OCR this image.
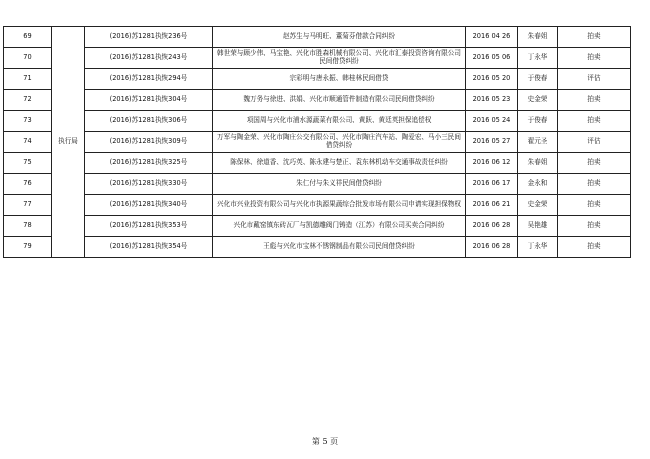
69	执行局	(2016)苏1281执恢236号	赵苏生与马明旺、董菊芬借款合同纠纷	2016 04 26	朱春姐	拍卖
70		(2016)苏1281执恢243号	韩世荣与顾少伟、马宝艳、兴化市胜森机械有限公司、兴化市汇泰投资咨询有限公司民间借贷纠纷	2016 05 06	丁永华	拍卖
71		(2016)苏1281执恢294号	宗彩明与唐永振、韩桂林民间借贷	2016 05 20	于俊春	评估
72		(2016)苏1281执恢304号	魏万务与徐进、洪娟、兴化市顺通管件制造有限公司民间借贷纠纷	2016 05 23	史金荣	拍卖
73		(2016)苏1281执恢306号	项国周与兴化市浦水源蔬菜有限公司、黄跃、黄廷英担保追偿权	2016 05 24	于俊春	拍卖
74		(2016)苏1281执恢309号	万军与陶金荣、兴化市陶庄公交有限公司、兴化市陶庄汽车站、陶爱宏、马小三民间借贷纠纷	2016 05 27	翟元圣	评估
75		(2016)苏1281执恢325号	陈保林、徐道香、沈巧英、陈永建与楚正、袁东林机动车交通事故责任纠纷	2016 06 12	朱春姐	拍卖
76		(2016)苏1281执恢330号	朱仁付与朱义祥民间借贷纠纷	2016 06 17	金永和	拍卖
77		(2016)苏1281执恢340号	兴化市兴业投资有限公司与兴化市执源果蔬综合批发市场有限公司申请实现担保物权	2016 06 21	史金荣	拍卖
78		(2016)苏1281执恢353号	兴化市戴窑镇东砖瓦厂与凯德雕阀门铸造（江苏）有限公司买卖合同纠纷	2016 06 28	吴艳雄	拍卖
79		(2016)苏1281执恢354号	王彪与兴化市宝林不锈钢制品有限公司民间借贷纠纷	2016 06 28	丁永华	拍卖
第 5 页
